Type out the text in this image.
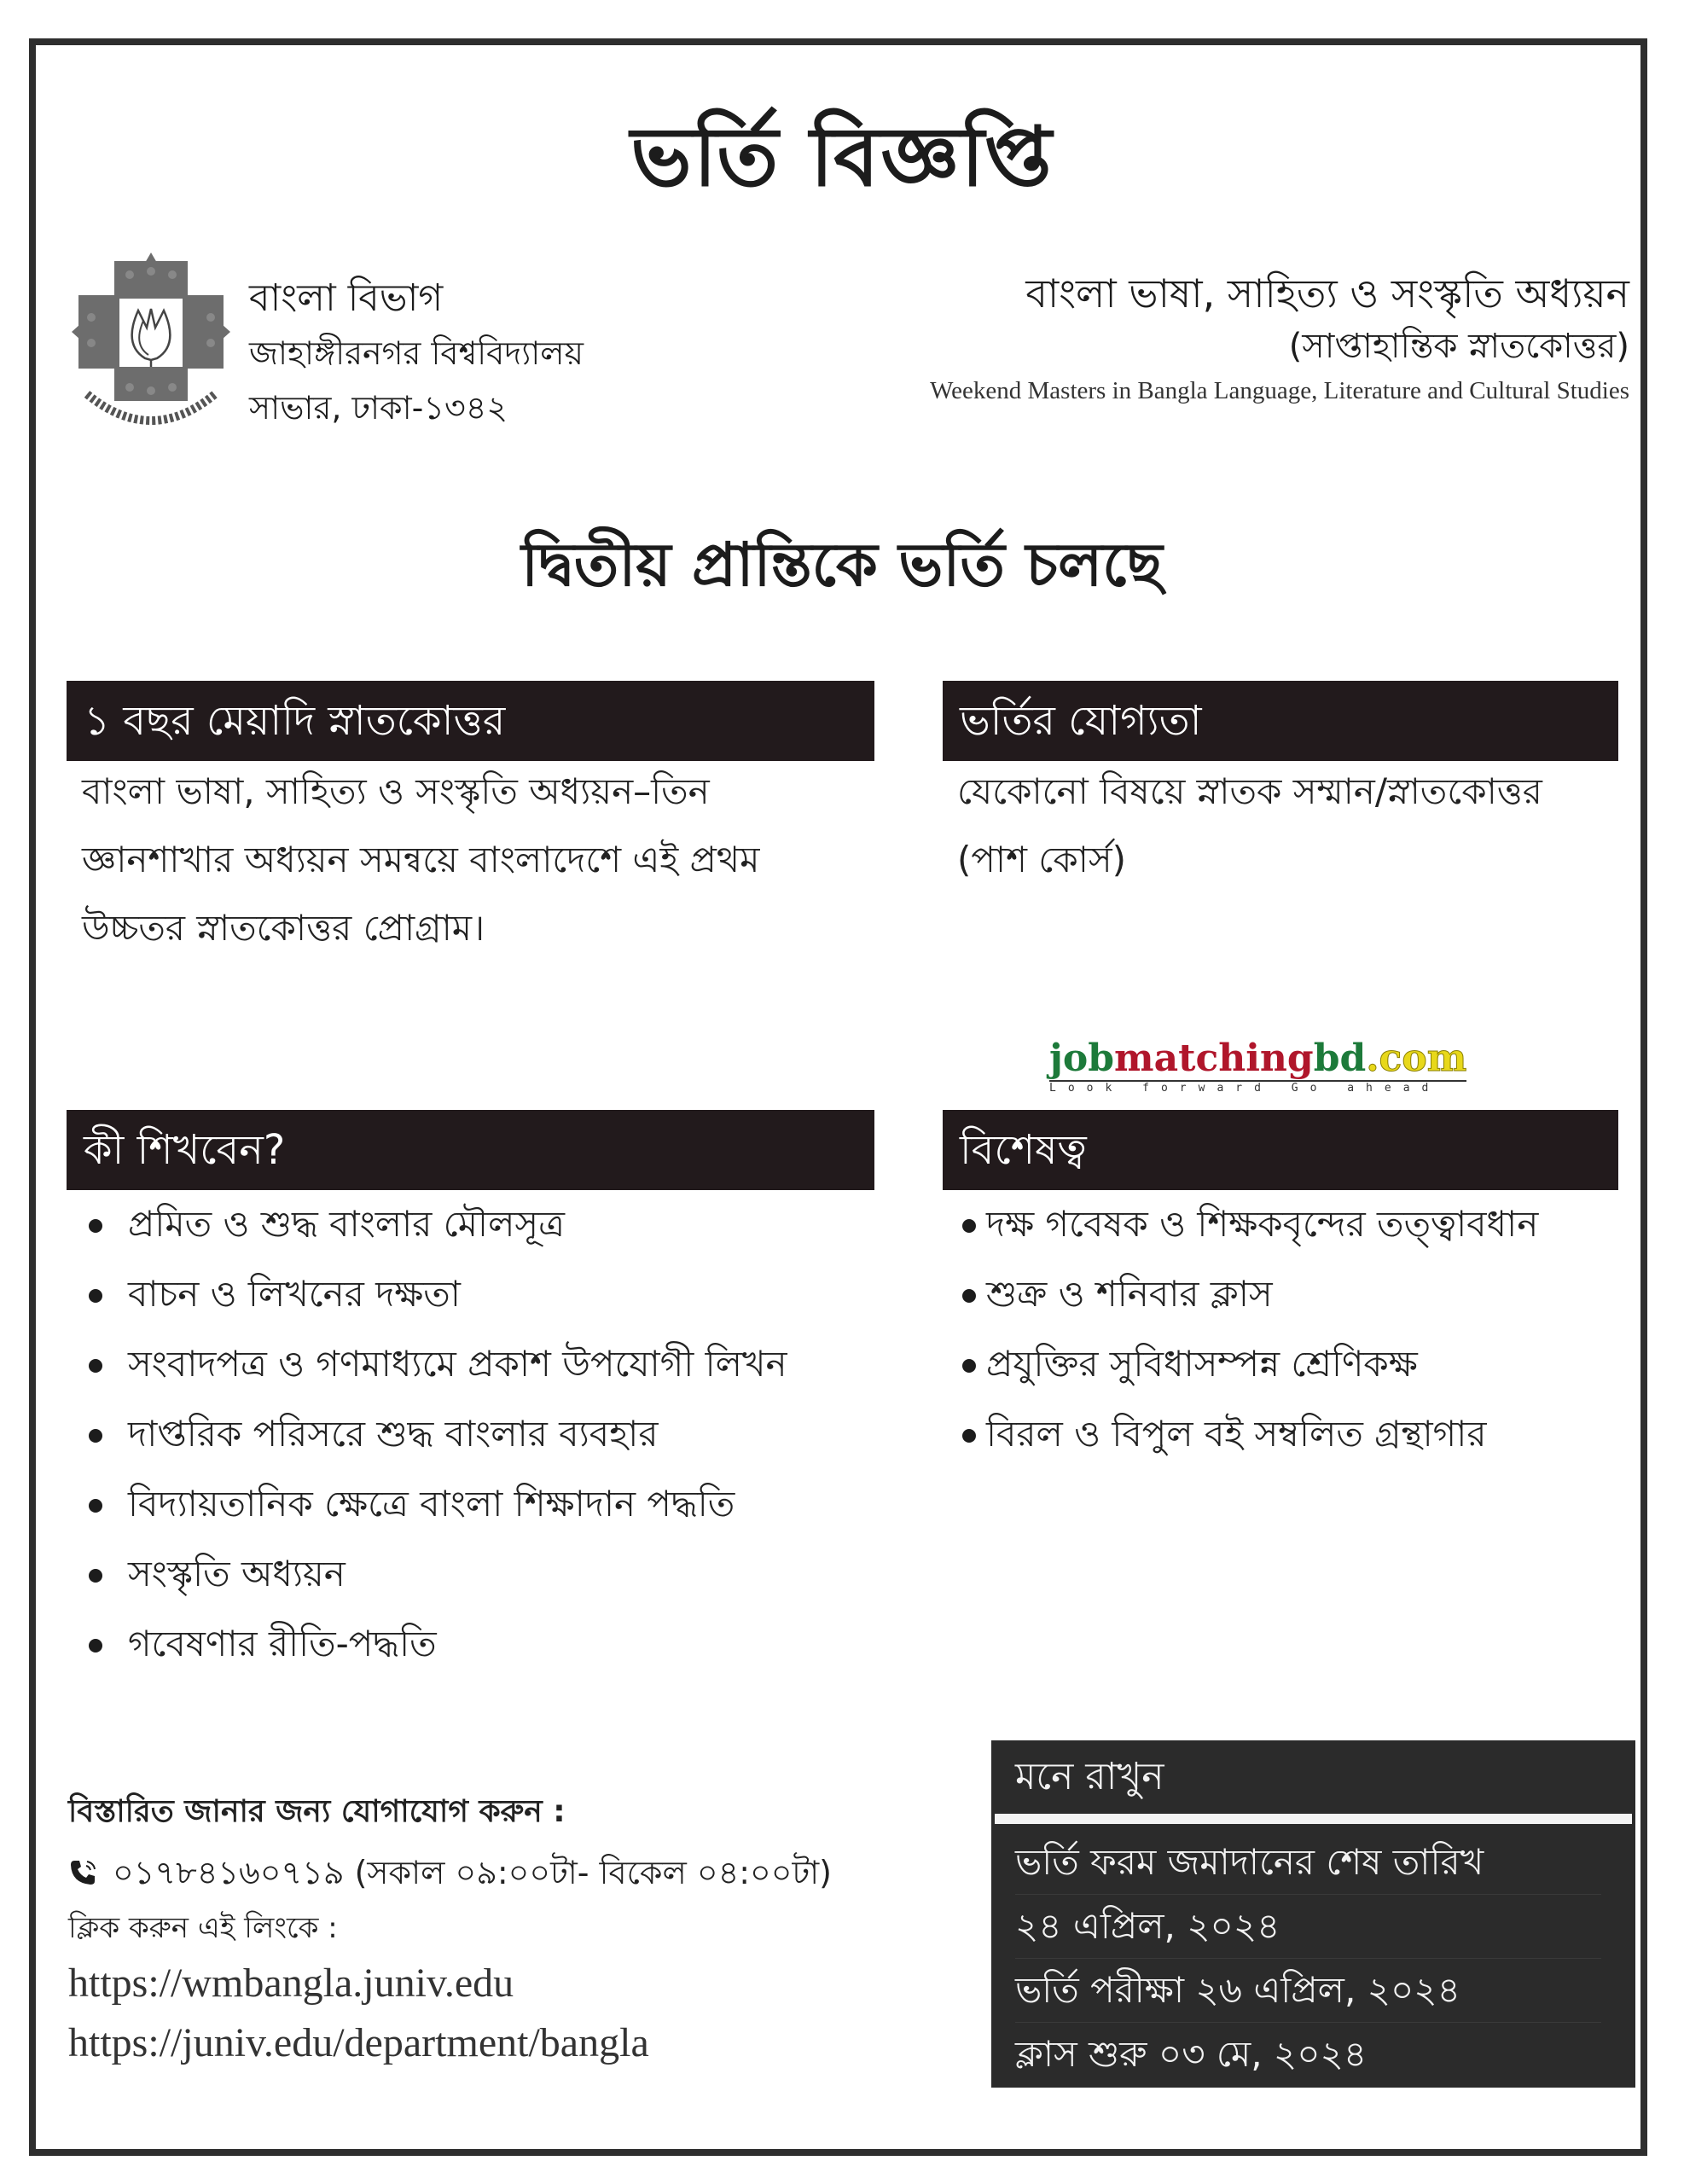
ভর্তি বিজ্ঞপ্তি
বাংলা বিভাগ
জাহাঙ্গীরনগর বিশ্ববিদ্যালয়
সাভার, ঢাকা-১৩৪২
বাংলা ভাষা, সাহিত্য ও সংস্কৃতি অধ্যয়ন
(সাপ্তাহান্তিক স্নাতকোত্তর)
Weekend Masters in Bangla Language, Literature and Cultural Studies
দ্বিতীয় প্রান্তিকে ভর্তি চলছে
১ বছর মেয়াদি স্নাতকোত্তর
বাংলা ভাষা, সাহিত্য ও সংস্কৃতি অধ্যয়ন–তিন
জ্ঞানশাখার অধ্যয়ন সমন্বয়ে বাংলাদেশে এই প্রথম
উচ্চতর স্নাতকোত্তর প্রোগ্রাম।
ভর্তির যোগ্যতা
যেকোনো বিষয়ে স্নাতক সম্মান/স্নাতকোত্তর
(পাশ কোর্স)
jobmatchingbd.com
Look forward Go ahead
কী শিখবেন?
প্রমিত ও শুদ্ধ বাংলার মৌলসূত্র
বাচন ও লিখনের দক্ষতা
সংবাদপত্র ও গণমাধ্যমে প্রকাশ উপযোগী লিখন
দাপ্তরিক পরিসরে শুদ্ধ বাংলার ব্যবহার
বিদ্যায়তানিক ক্ষেত্রে বাংলা শিক্ষাদান পদ্ধতি
সংস্কৃতি অধ্যয়ন
গবেষণার রীতি-পদ্ধতি
বিশেষত্ব
দক্ষ গবেষক ও শিক্ষকবৃন্দের তত্ত্বাবধান
শুক্র ও শনিবার ক্লাস
প্রযুক্তির সুবিধাসম্পন্ন শ্রেণিকক্ষ
বিরল ও বিপুল বই সম্বলিত গ্রন্থাগার
বিস্তারিত জানার জন্য যোগাযোগ করুন :
০১৭৮৪১৬০৭১৯ (সকাল ০৯:০০টা- বিকেল ০৪:০০টা)
ক্লিক করুন এই লিংকে :
https://wmbangla.juniv.edu
https://juniv.edu/department/bangla
মনে রাখুন
ভর্তি ফরম জমাদানের শেষ তারিখ
২৪ এপ্রিল, ২০২৪
ভর্তি পরীক্ষা ২৬ এপ্রিল, ২০২৪
ক্লাস শুরু ০৩ মে, ২০২৪
